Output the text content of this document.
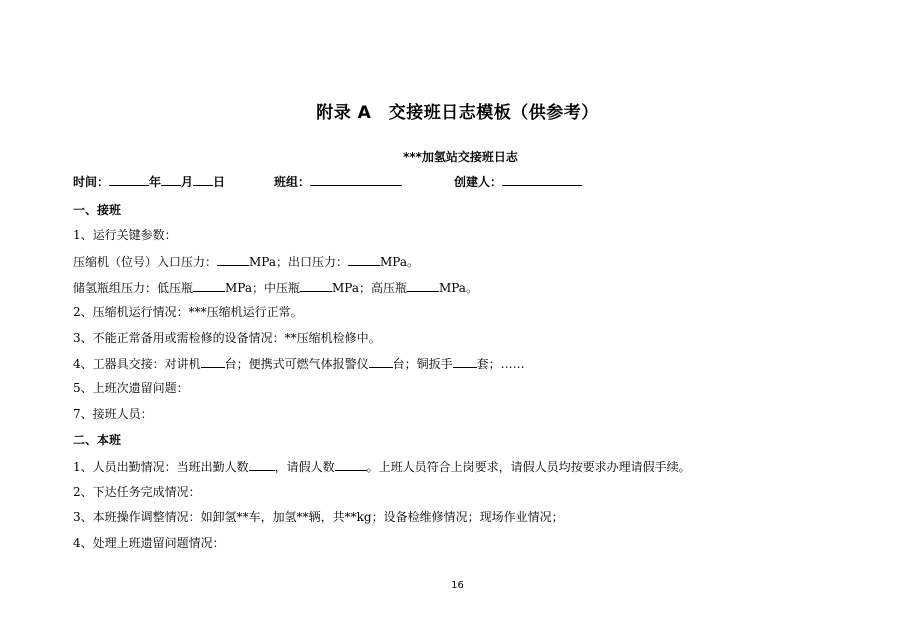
附录 A　交接班日志模板（供参考）
***加氢站交接班日志
时间：	年 月 日	班组：	创建人：
一、接班
1、运行关键参数：
压缩机（位号）入口压力：	MPa；出口压力：	MPa。
储氢瓶组压力：低压瓶	MPa；中压瓶	MPa；高压瓶	MPa。
2、压缩机运行情况：***压缩机运行正常。
3、不能正常备用或需检修的设备情况：**压缩机检修中。
4、工器具交接：对讲机 台；便携式可燃气体报警仪 台；铜扳手 套；……
5、上班次遗留问题：
7、接班人员：
二、本班
1、人员出勤情况：当班出勤人数 ，请假人数	。上班人员符合上岗要求，请假人员均按要求办理请假手续。
2、下达任务完成情况：
3、本班操作调整情况：如卸氢**车，加氢**辆，共**kg；设备检维修情况；现场作业情况；
4、处理上班遗留问题情况：
16
